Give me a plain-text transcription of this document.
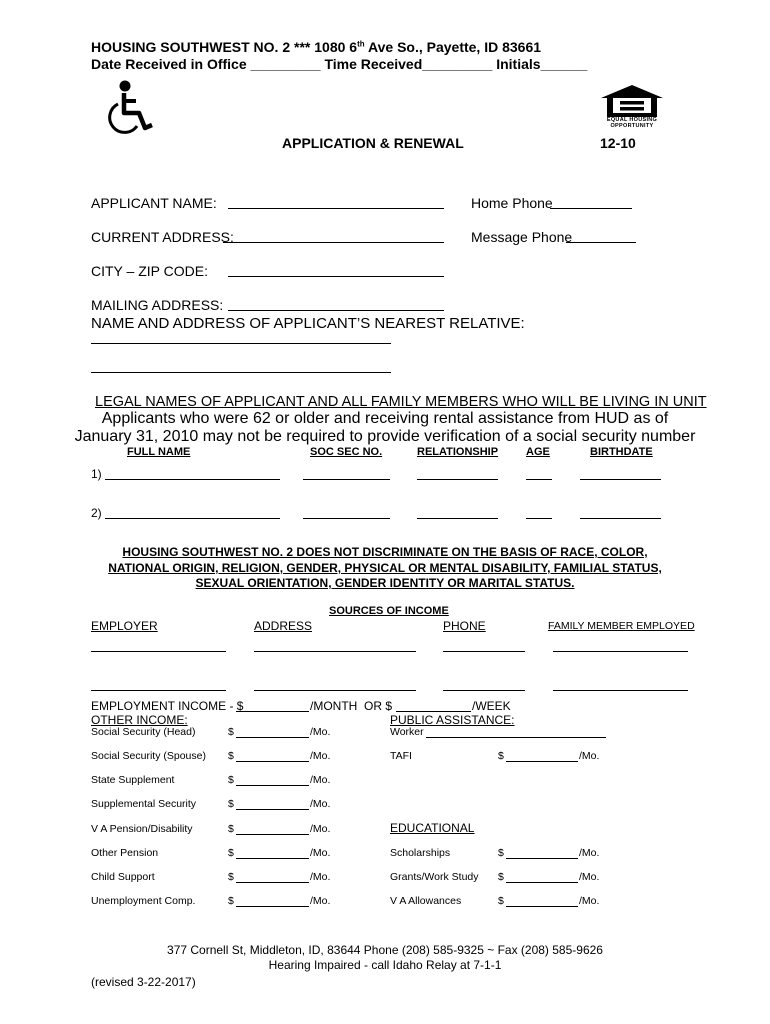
HOUSING SOUTHWEST NO. 2 *** 1080 6th Ave So., Payette, ID 83661
Date Received in Office _________ Time Received_________ Initials______
EQUAL HOUSING OPPORTUNITY
APPLICATION & RENEWAL	12-10
APPLICANT NAME:	Home Phone
CURRENT ADDRESS:	Message Phone
CITY – ZIP CODE:
MAILING ADDRESS:
NAME AND ADDRESS OF APPLICANT’S NEAREST RELATIVE:
LEGAL NAMES OF APPLICANT AND ALL FAMILY MEMBERS WHO WILL BE LIVING IN UNIT
Applicants who were 62 or older and receiving rental assistance from HUD as of
January 31, 2010 may not be required to provide verification of a social security number
FULL NAME	SOC SEC NO.	RELATIONSHIP	AGE	BIRTHDATE
1)
2)
HOUSING SOUTHWEST NO. 2 DOES NOT DISCRIMINATE ON THE BASIS OF RACE, COLOR,
NATIONAL ORIGIN, RELIGION, GENDER, PHYSICAL OR MENTAL DISABILITY, FAMILIAL STATUS,
SEXUAL ORIENTATION, GENDER IDENTITY OR MARITAL STATUS.
SOURCES OF INCOME
EMPLOYER	ADDRESS	PHONE	FAMILY MEMBER EMPLOYED
EMPLOYMENT INCOME - $	/MONTH OR $	/WEEK
OTHER INCOME:	PUBLIC ASSISTANCE:
Worker
Social Security (Head)	$	/Mo.
Social Security (Spouse) $	/Mo.
State Supplement	$	/Mo.
Supplemental Security	$	/Mo.
V A Pension/Disability	$	/Mo.
Other Pension	$	/Mo.
Child Support	$	/Mo.
Unemployment Comp.	$	/Mo.
TAFI	$	/Mo.
EDUCATIONAL
Scholarships	$	/Mo.
Grants/Work Study $	/Mo.
V A Allowances	$	/Mo.
377 Cornell St, Middleton, ID, 83644 Phone (208) 585-9325 ~ Fax (208) 585-9626
Hearing Impaired - call Idaho Relay at 7-1-1
(revised 3-22-2017)
